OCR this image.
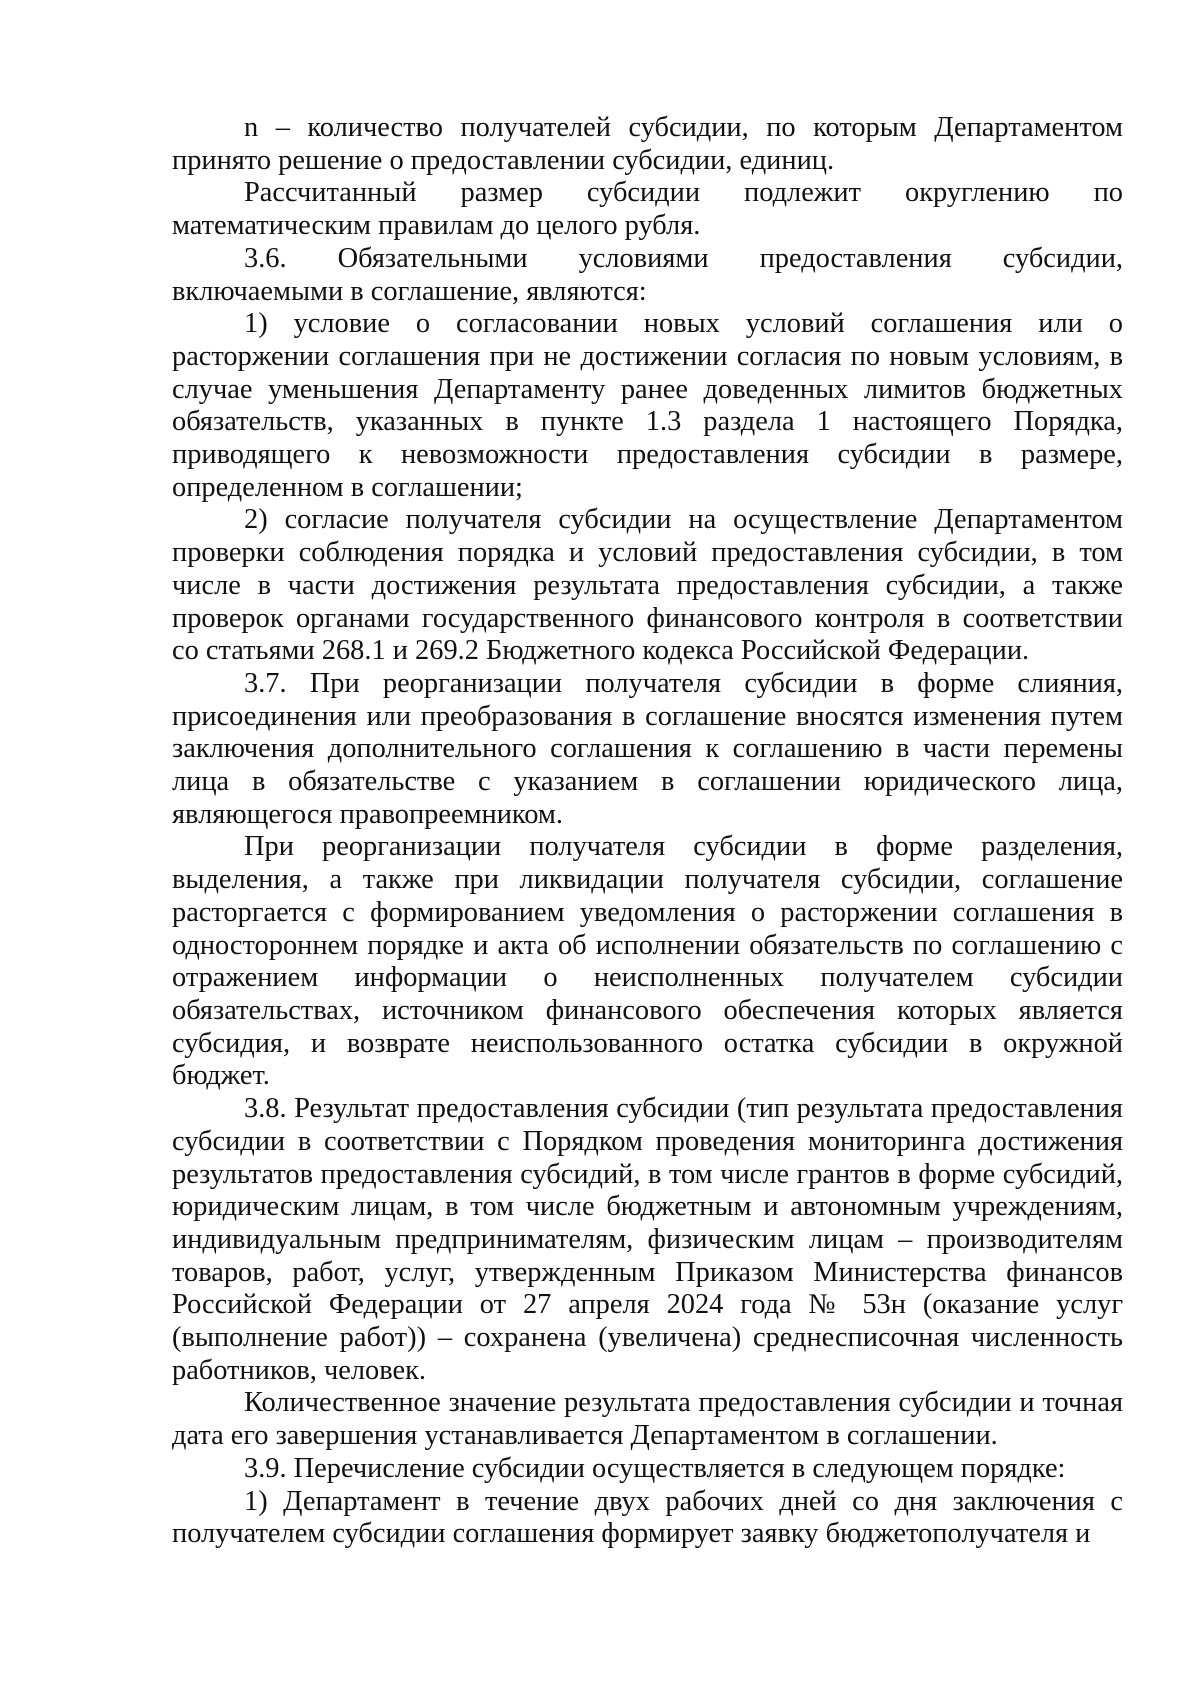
n – количество получателей субсидии, по которым Департаментом принято решение о предоставлении субсидии, единиц.

Рассчитанный размер субсидии подлежит округлению по математическим правилам до целого рубля.

3.6. Обязательными условиями предоставления субсидии, включаемыми в соглашение, являются:

1) условие о согласовании новых условий соглашения или о расторжении соглашения при не достижении согласия по новым условиям, в случае уменьшения Департаменту ранее доведенных лимитов бюджетных обязательств, указанных в пункте 1.3 раздела 1 настоящего Порядка, приводящего к невозможности предоставления субсидии в размере, определенном в соглашении;

2) согласие получателя субсидии на осуществление Департаментом проверки соблюдения порядка и условий предоставления субсидии, в том числе в части достижения результата предоставления субсидии, а также проверок органами государственного финансового контроля в соответствии со статьями 268.1 и 269.2 Бюджетного кодекса Российской Федерации.

3.7. При реорганизации получателя субсидии в форме слияния, присоединения или преобразования в соглашение вносятся изменения путем заключения дополнительного соглашения к соглашению в части перемены лица в обязательстве с указанием в соглашении юридического лица, являющегося правопреемником.

При реорганизации получателя субсидии в форме разделения, выделения, а также при ликвидации получателя субсидии, соглашение расторгается с формированием уведомления о расторжении соглашения в одностороннем порядке и акта об исполнении обязательств по соглашению с отражением информации о неисполненных получателем субсидии обязательствах, источником финансового обеспечения которых является субсидия, и возврате неиспользованного остатка субсидии в окружной бюджет.

3.8. Результат предоставления субсидии (тип результата предоставления субсидии в соответствии с Порядком проведения мониторинга достижения результатов предоставления субсидий, в том числе грантов в форме субсидий, юридическим лицам, в том числе бюджетным и автономным учреждениям, индивидуальным предпринимателям, физическим лицам – производителям товаров, работ, услуг, утвержденным Приказом Министерства финансов Российской Федерации от 27 апреля 2024 года № 53н (оказание услуг (выполнение работ)) – сохранена (увеличена) среднесписочная численность работников, человек.

Количественное значение результата предоставления субсидии и точная дата его завершения устанавливается Департаментом в соглашении.

3.9. Перечисление субсидии осуществляется в следующем порядке:

1) Департамент в течение двух рабочих дней со дня заключения с получателем субсидии соглашения формирует заявку бюджетополучателя и
